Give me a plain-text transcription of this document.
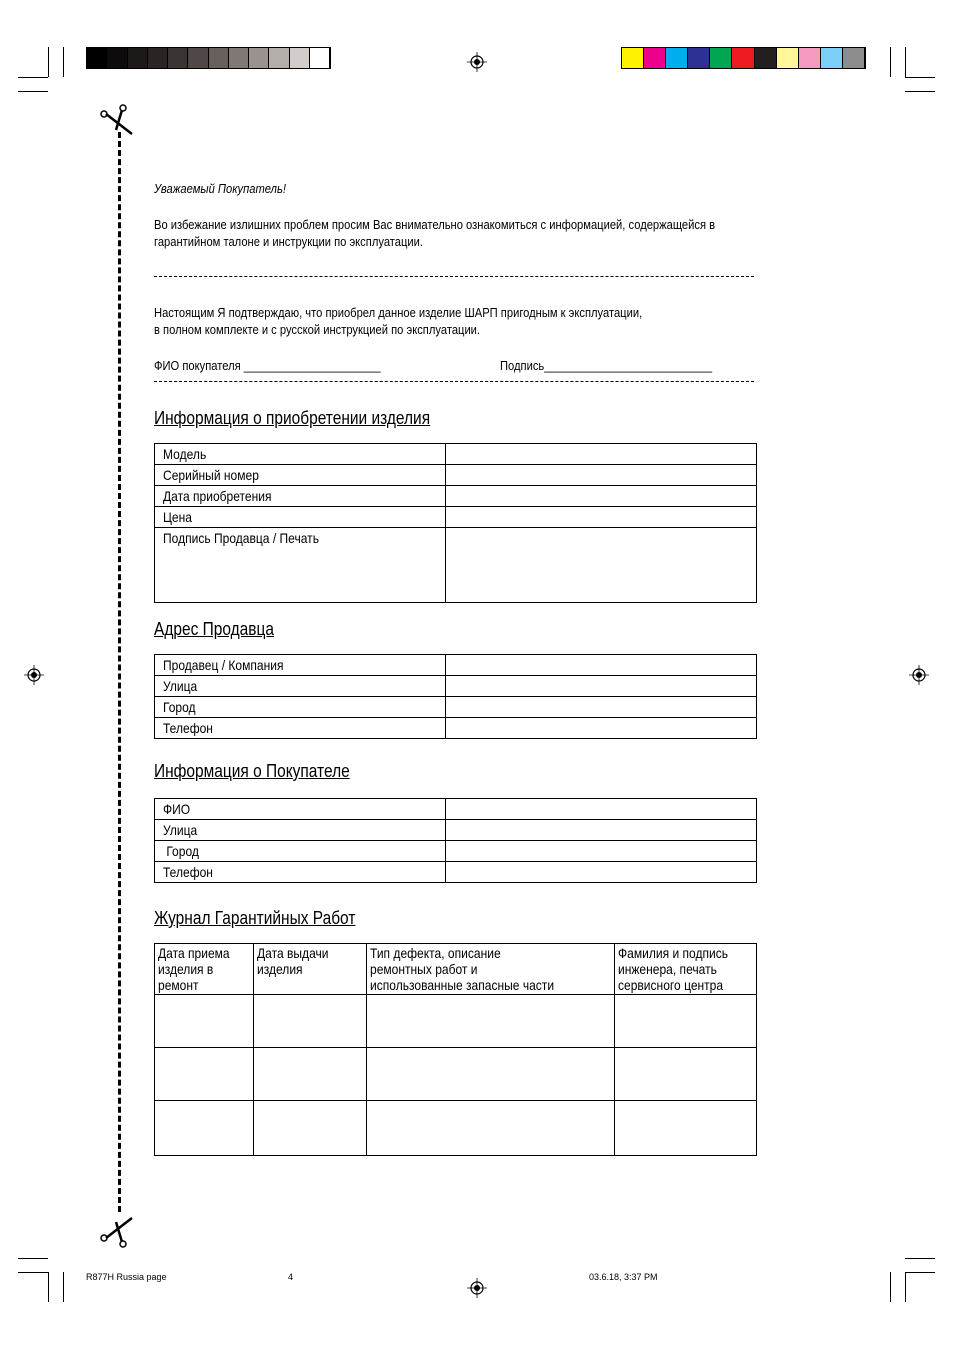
Уважаемый Покупатель!
Во избежание излишних проблем просим Вас внимательно ознакомиться с информацией, содержащейся в
гарантийном талоне и инструкции по эксплуатации.
Настоящим Я подтверждаю, что приобрел данное изделие ШАРП пригодным к эксплуатации,
в полном комплекте и с русской инструкцией по эксплуатации.
ФИО покупателя ______________________	Подпись___________________________
Информация о приобретении изделия
Модель	
Серийный номер	
Дата приобретения	
Цена	
Подпись Продавца / Печать	
Адрес Продавца
Продавец / Компания	
Улица	
Город	
Телефон	
Информация о Покупателе
ФИО	
Улица	
Город	
Телефон	
Журнал Гарантийных Работ
Дата приема
изделия в
ремонт	Дата выдачи
изделия	Тип дефекта, описание
ремонтных работ и
использованные запасные части	Фамилия и подпись
инженера, печать
сервисного центра

R877H Russia page	4	03.6.18, 3:37 PM
